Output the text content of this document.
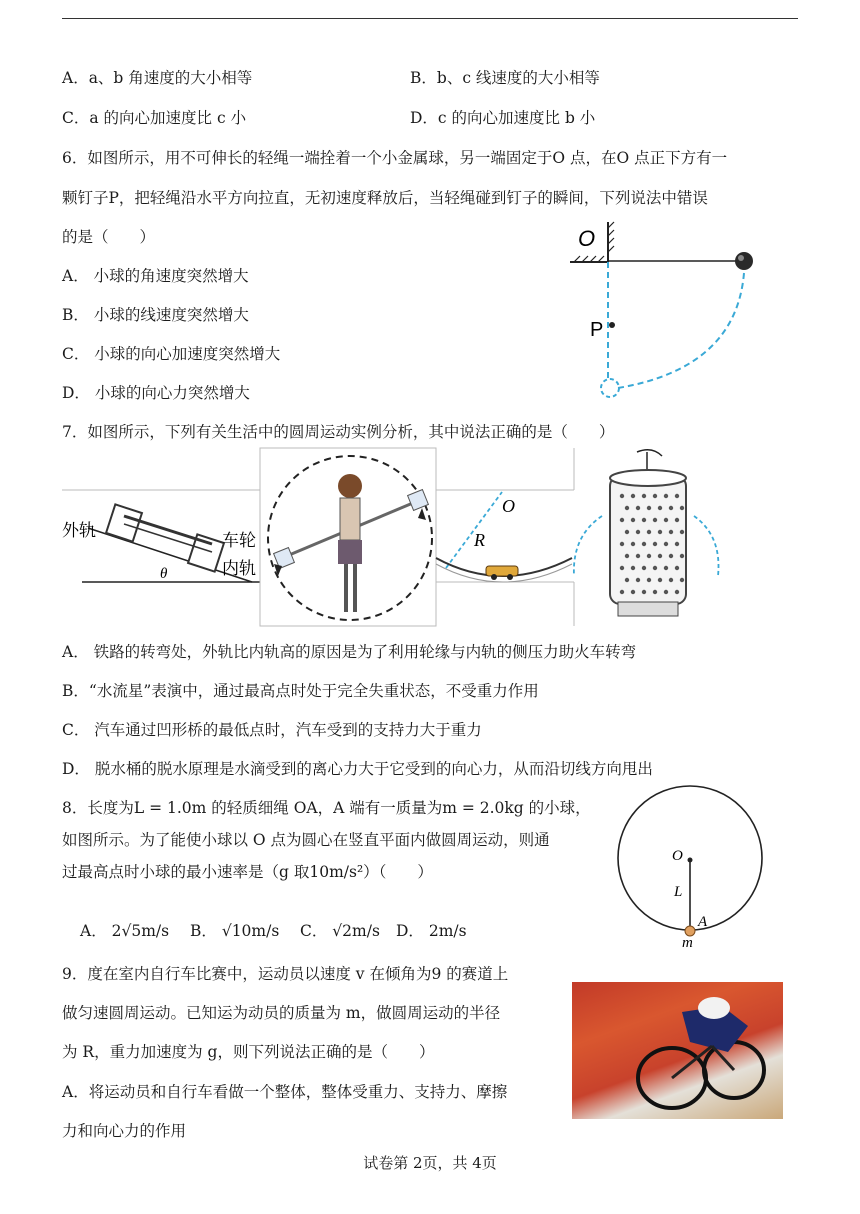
A．a、b 角速度的大小相等	B．b、c 线速度的大小相等
C．a 的向心加速度比 c 小	D．c 的向心加速度比 b 小
6．如图所示，用不可伸长的轻绳一端拴着一个小金属球，另一端固定于O 点，在O 点正下方有一
颗钉子P，把轻绳沿水平方向拉直，无初速度释放后，当轻绳碰到钉子的瞬间，下列说法中错误
的是（　　）
A． 小球的角速度突然增大
B． 小球的线速度突然增大
C． 小球的向心加速度突然增大
D． 小球的向心力突然增大
O
P
7．如图所示，下列有关生活中的圆周运动实例分析，其中说法正确的是（　　）
外轨	车轮
内轨
θ
O
R
A． 铁路的转弯处，外轨比内轨高的原因是为了利用轮缘与内轨的侧压力助火车转弯
B．“水流星”表演中，通过最高点时处于完全失重状态，不受重力作用
C． 汽车通过凹形桥的最低点时，汽车受到的支持力大于重力
D． 脱水桶的脱水原理是水滴受到的离心力大于它受到的向心力，从而沿切线方向甩出
8．长度为L = 1.0m 的轻质细绳 OA，A 端有一质量为m = 2.0kg 的小球，
如图所示。为了能使小球以 O 点为圆心在竖直平面内做圆周运动，则通
过最高点时小球的最小速率是（g 取10m/s²）（　　）
A． 2√5m/s B． √10m/s C． √2m/s D． 2m/s
O
L
A
m
9．度在室内自行车比赛中，运动员以速度 v 在倾角为9 的赛道上
做匀速圆周运动。已知运为动员的质量为 m，做圆周运动的半径
为 R，重力加速度为 g，则下列说法正确的是（　　）
A．将运动员和自行车看做一个整体，整体受重力、支持力、摩擦
力和向心力的作用
试卷第 2页，共 4页
